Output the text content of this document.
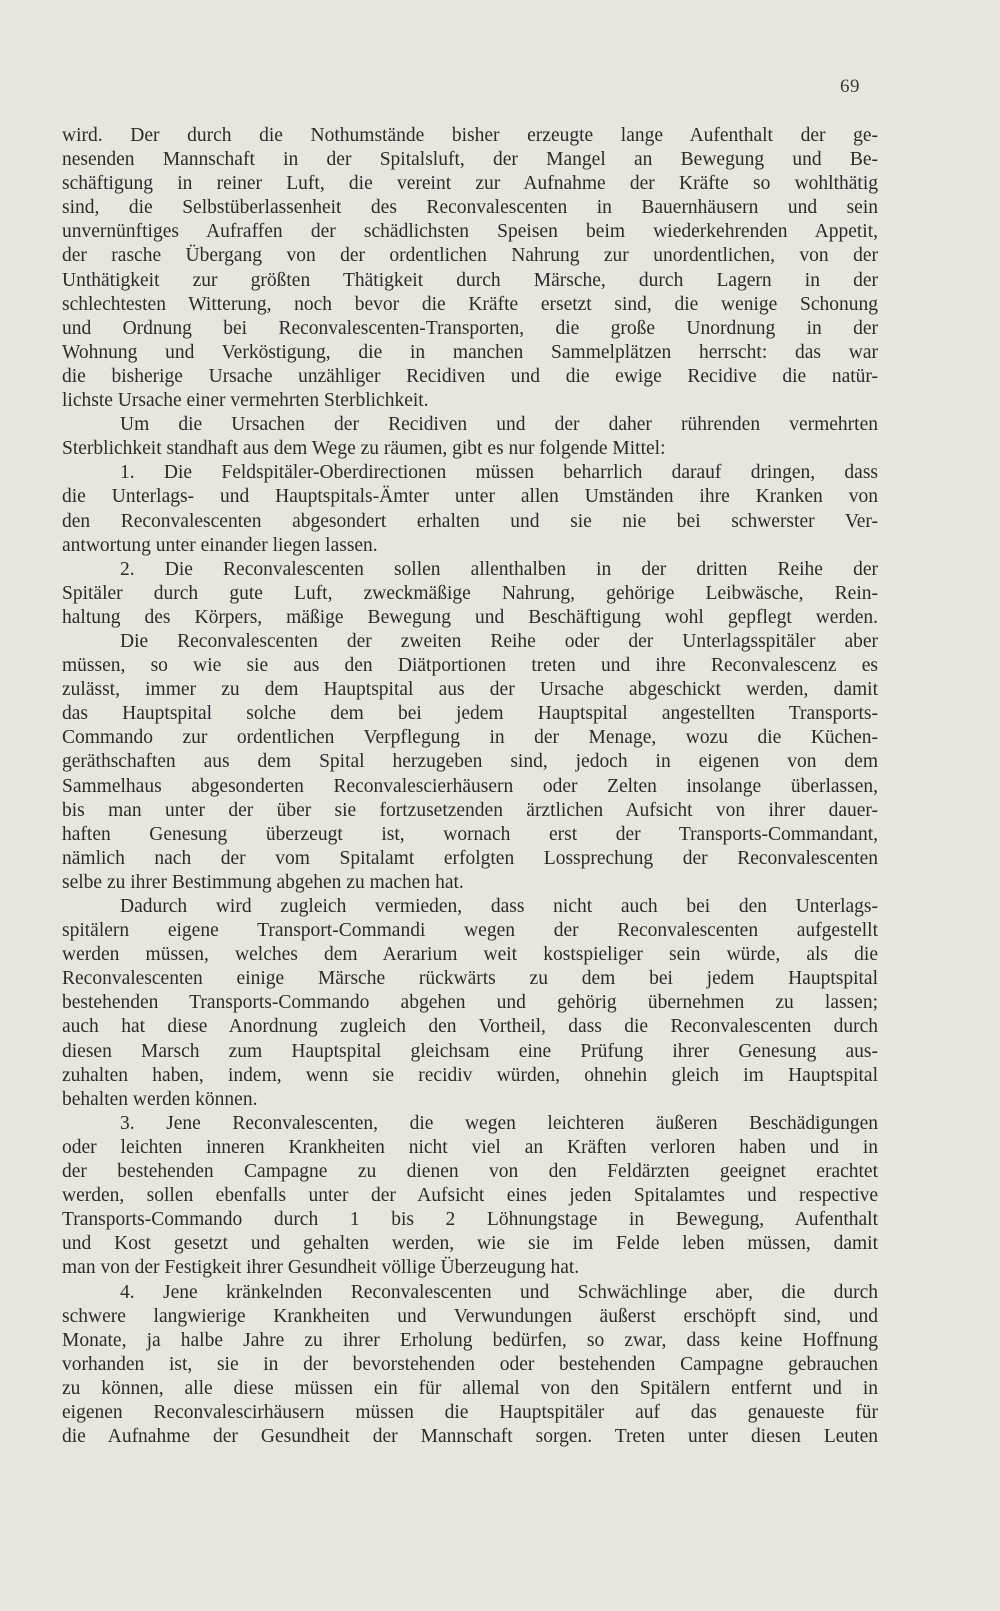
69
wird. Der durch die Nothumstände bisher erzeugte lange Aufenthalt der ge-
nesenden Mannschaft in der Spitalsluft, der Mangel an Bewegung und Be-
schäftigung in reiner Luft, die vereint zur Aufnahme der Kräfte so wohlthätig
sind, die Selbstüberlassenheit des Reconvalescenten in Bauernhäusern und sein
unvernünftiges Aufraffen der schädlichsten Speisen beim wiederkehrenden Appetit,
der rasche Übergang von der ordentlichen Nahrung zur unordentlichen, von der
Unthätigkeit zur größten Thätigkeit durch Märsche, durch Lagern in der
schlechtesten Witterung, noch bevor die Kräfte ersetzt sind, die wenige Schonung
und Ordnung bei Reconvalescenten-Transporten, die große Unordnung in der
Wohnung und Verköstigung, die in manchen Sammelplätzen herrscht: das war
die bisherige Ursache unzähliger Recidiven und die ewige Recidive die natür-
lichste Ursache einer vermehrten Sterblichkeit.
Um die Ursachen der Recidiven und der daher rührenden vermehrten
Sterblichkeit standhaft aus dem Wege zu räumen, gibt es nur folgende Mittel:
1. Die Feldspitäler-Oberdirectionen müssen beharrlich darauf dringen, dass
die Unterlags- und Hauptspitals-Ämter unter allen Umständen ihre Kranken von
den Reconvalescenten abgesondert erhalten und sie nie bei schwerster Ver-
antwortung unter einander liegen lassen.
2. Die Reconvalescenten sollen allenthalben in der dritten Reihe der
Spitäler durch gute Luft, zweckmäßige Nahrung, gehörige Leibwäsche, Rein-
haltung des Körpers, mäßige Bewegung und Beschäftigung wohl gepflegt werden.
Die Reconvalescenten der zweiten Reihe oder der Unterlagsspitäler aber
müssen, so wie sie aus den Diätportionen treten und ihre Reconvalescenz es
zulässt, immer zu dem Hauptspital aus der Ursache abgeschickt werden, damit
das Hauptspital solche dem bei jedem Hauptspital angestellten Transports-
Commando zur ordentlichen Verpflegung in der Menage, wozu die Küchen-
geräthschaften aus dem Spital herzugeben sind, jedoch in eigenen von dem
Sammelhaus abgesonderten Reconvalescierhäusern oder Zelten insolange überlassen,
bis man unter der über sie fortzusetzenden ärztlichen Aufsicht von ihrer dauer-
haften Genesung überzeugt ist, wornach erst der Transports-Commandant,
nämlich nach der vom Spitalamt erfolgten Lossprechung der Reconvalescenten
selbe zu ihrer Bestimmung abgehen zu machen hat.
Dadurch wird zugleich vermieden, dass nicht auch bei den Unterlags-
spitälern eigene Transport-Commandi wegen der Reconvalescenten aufgestellt
werden müssen, welches dem Aerarium weit kostspieliger sein würde, als die
Reconvalescenten einige Märsche rückwärts zu dem bei jedem Hauptspital
bestehenden Transports-Commando abgehen und gehörig übernehmen zu lassen;
auch hat diese Anordnung zugleich den Vortheil, dass die Reconvalescenten durch
diesen Marsch zum Hauptspital gleichsam eine Prüfung ihrer Genesung aus-
zuhalten haben, indem, wenn sie recidiv würden, ohnehin gleich im Hauptspital
behalten werden können.
3. Jene Reconvalescenten, die wegen leichteren äußeren Beschädigungen
oder leichten inneren Krankheiten nicht viel an Kräften verloren haben und in
der bestehenden Campagne zu dienen von den Feldärzten geeignet erachtet
werden, sollen ebenfalls unter der Aufsicht eines jeden Spitalamtes und respective
Transports-Commando durch 1 bis 2 Löhnungstage in Bewegung, Aufenthalt
und Kost gesetzt und gehalten werden, wie sie im Felde leben müssen, damit
man von der Festigkeit ihrer Gesundheit völlige Überzeugung hat.
4. Jene kränkelnden Reconvalescenten und Schwächlinge aber, die durch
schwere langwierige Krankheiten und Verwundungen äußerst erschöpft sind, und
Monate, ja halbe Jahre zu ihrer Erholung bedürfen, so zwar, dass keine Hoffnung
vorhanden ist, sie in der bevorstehenden oder bestehenden Campagne gebrauchen
zu können, alle diese müssen ein für allemal von den Spitälern entfernt und in
eigenen Reconvalescirhäusern müssen die Hauptspitäler auf das genaueste für
die Aufnahme der Gesundheit der Mannschaft sorgen. Treten unter diesen Leuten
